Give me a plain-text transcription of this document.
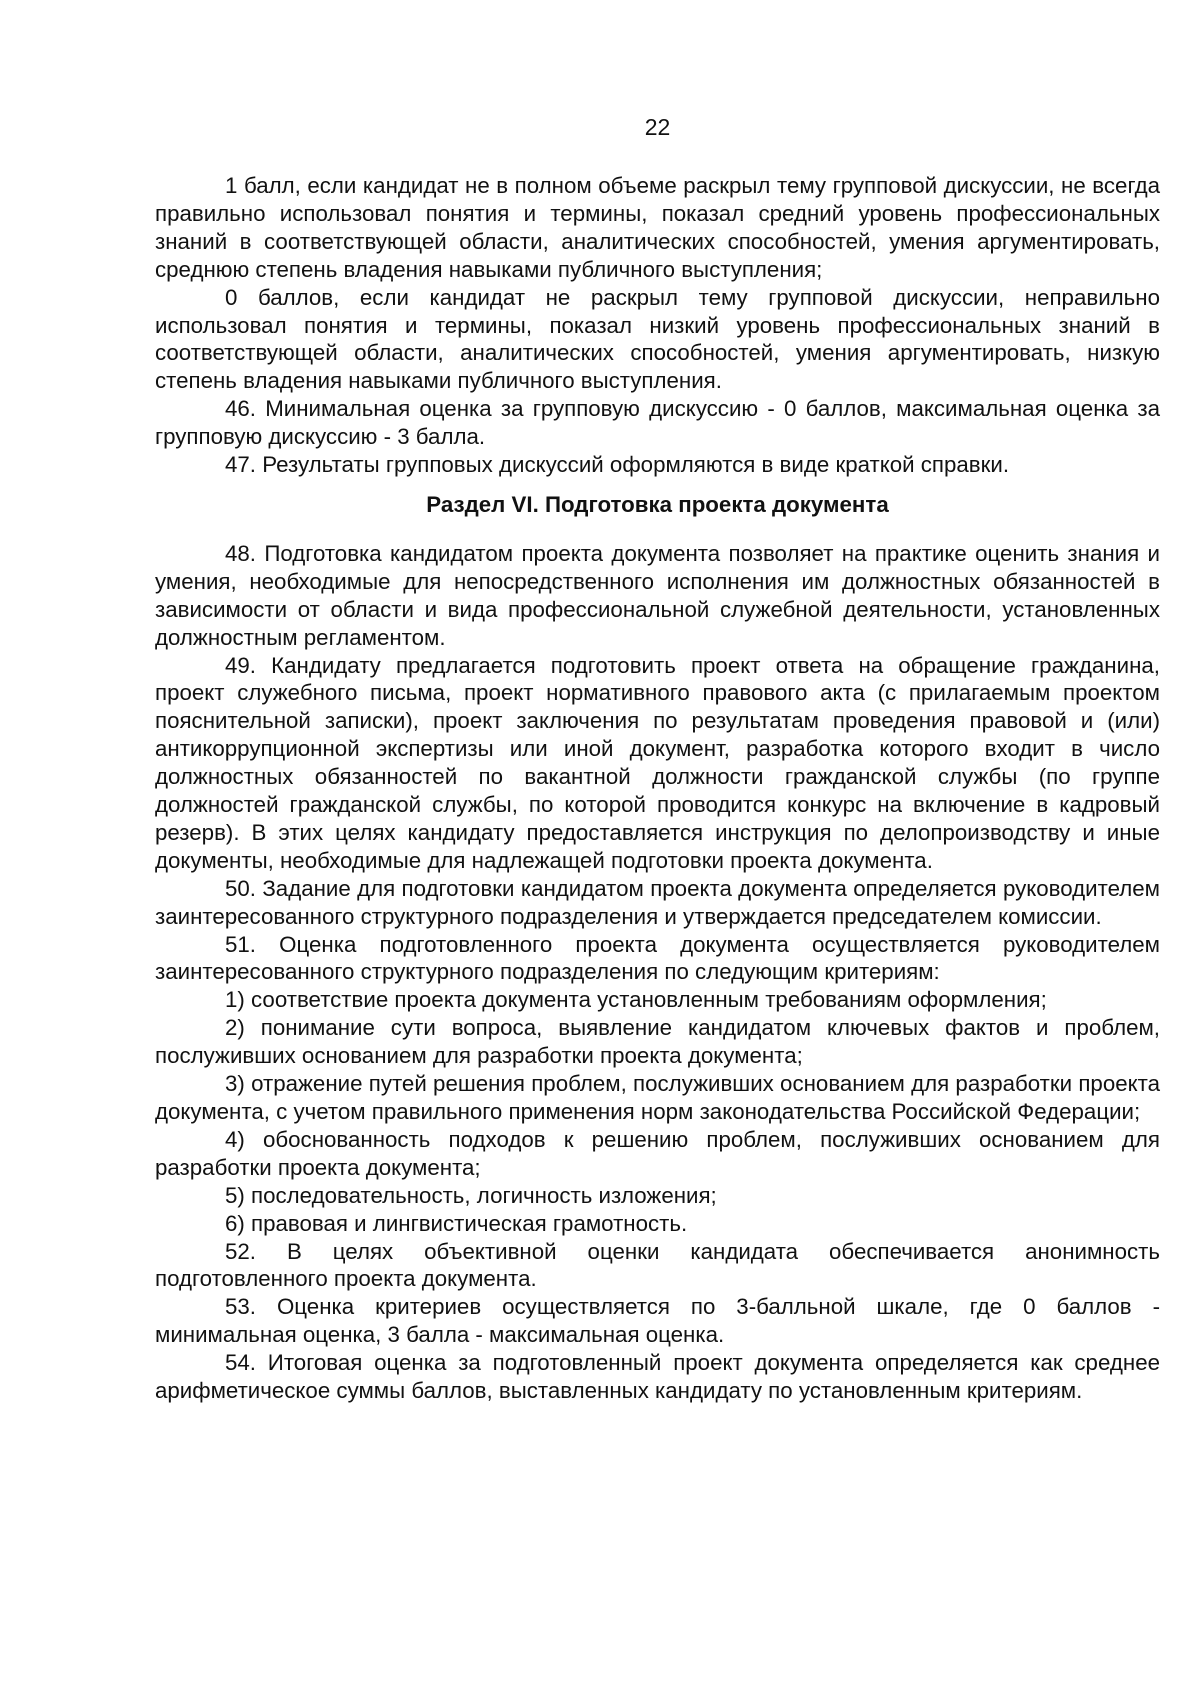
22

1 балл, если кандидат не в полном объеме раскрыл тему групповой дискуссии, не всегда правильно использовал понятия и термины, показал средний уровень профессиональных знаний в соответствующей области, аналитических способностей, умения аргументировать, среднюю степень владения навыками публичного выступления;

0 баллов, если кандидат не раскрыл тему групповой дискуссии, неправильно использовал понятия и термины, показал низкий уровень профессиональных знаний в соответствующей области, аналитических способностей, умения аргументировать, низкую степень владения навыками публичного выступления.

46. Минимальная оценка за групповую дискуссию - 0 баллов, максимальная оценка за групповую дискуссию - 3 балла.

47. Результаты групповых дискуссий оформляются в виде краткой справки.

Раздел VI. Подготовка проекта документа

48. Подготовка кандидатом проекта документа позволяет на практике оценить знания и умения, необходимые для непосредственного исполнения им должностных обязанностей в зависимости от области и вида профессиональной служебной деятельности, установленных должностным регламентом.

49. Кандидату предлагается подготовить проект ответа на обращение гражданина, проект служебного письма, проект нормативного правового акта (с прилагаемым проектом пояснительной записки), проект заключения по результатам проведения правовой и (или) антикоррупционной экспертизы или иной документ, разработка которого входит в число должностных обязанностей по вакантной должности гражданской службы (по группе должностей гражданской службы, по которой проводится конкурс на включение в кадровый резерв). В этих целях кандидату предоставляется инструкция по делопроизводству и иные документы, необходимые для надлежащей подготовки проекта документа.

50. Задание для подготовки кандидатом проекта документа определяется руководителем заинтересованного структурного подразделения и утверждается председателем комиссии.

51. Оценка подготовленного проекта документа осуществляется руководителем заинтересованного структурного подразделения по следующим критериям:

1) соответствие проекта документа установленным требованиям оформления;

2) понимание сути вопроса, выявление кандидатом ключевых фактов и проблем, послуживших основанием для разработки проекта документа;

3) отражение путей решения проблем, послуживших основанием для разработки проекта документа, с учетом правильного применения норм законодательства Российской Федерации;

4) обоснованность подходов к решению проблем, послуживших основанием для разработки проекта документа;

5) последовательность, логичность изложения;

6) правовая и лингвистическая грамотность.

52. В целях объективной оценки кандидата обеспечивается анонимность подготовленного проекта документа.

53. Оценка критериев осуществляется по 3-балльной шкале, где 0 баллов - минимальная оценка, 3 балла - максимальная оценка.

54. Итоговая оценка за подготовленный проект документа определяется как среднее арифметическое суммы баллов, выставленных кандидату по установленным критериям.
